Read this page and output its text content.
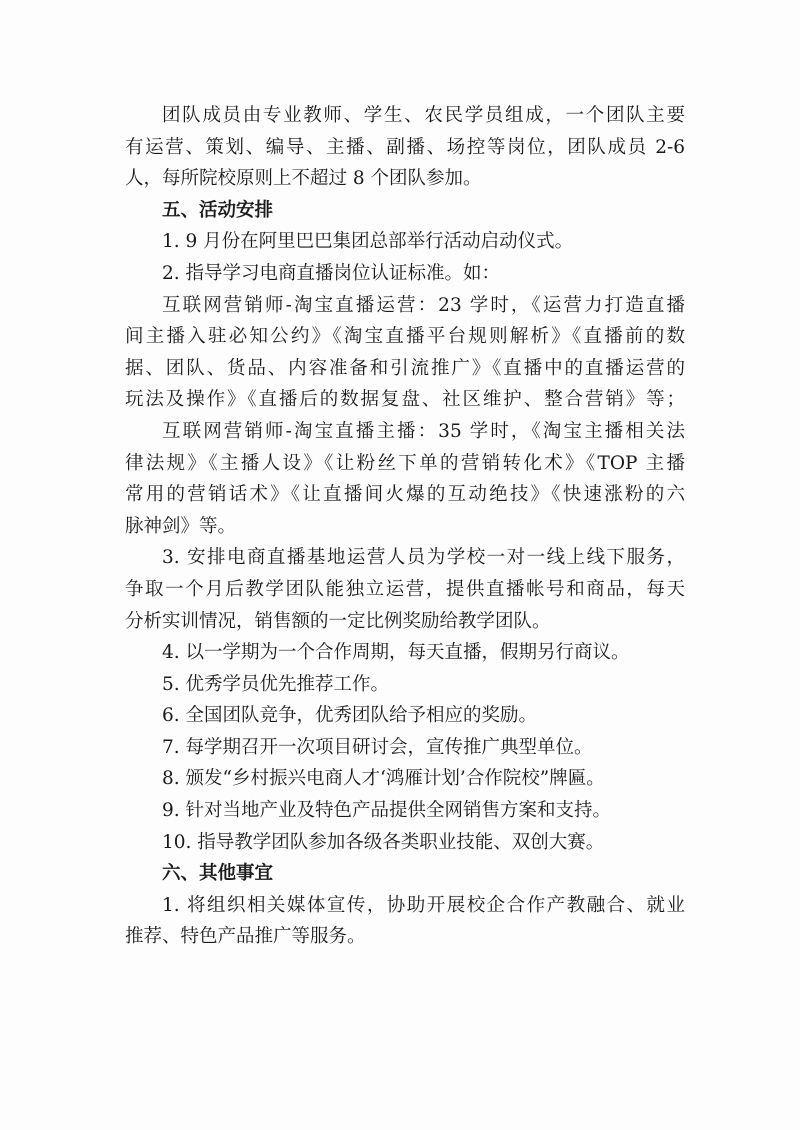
团队成员由专业教师、学生、农民学员组成，一个团队主要
有运营、策划、编导、主播、副播、场控等岗位，团队成员 2-6
人，每所院校原则上不超过 8 个团队参加。
五、活动安排
1. 9 月份在阿里巴巴集团总部举行活动启动仪式。
2. 指导学习电商直播岗位认证标准。如：
互联网营销师-淘宝直播运营：23 学时，《运营力打造直播
间主播入驻必知公约》《淘宝直播平台规则解析》《直播前的数
据、团队、货品、内容准备和引流推广》《直播中的直播运营的
玩法及操作》《直播后的数据复盘、社区维护、整合营销》等；
互联网营销师-淘宝直播主播：35 学时，《淘宝主播相关法
律法规》《主播人设》《让粉丝下单的营销转化术》《TOP 主播
常用的营销话术》《让直播间火爆的互动绝技》《快速涨粉的六
脉神剑》等。
3. 安排电商直播基地运营人员为学校一对一线上线下服务，
争取一个月后教学团队能独立运营，提供直播帐号和商品，每天
分析实训情况，销售额的一定比例奖励给教学团队。
4. 以一学期为一个合作周期，每天直播，假期另行商议。
5. 优秀学员优先推荐工作。
6. 全国团队竞争，优秀团队给予相应的奖励。
7. 每学期召开一次项目研讨会，宣传推广典型单位。
8. 颁发“乡村振兴电商人才‘鸿雁计划’合作院校”牌匾。
9. 针对当地产业及特色产品提供全网销售方案和支持。
10. 指导教学团队参加各级各类职业技能、双创大赛。
六、其他事宜
1. 将组织相关媒体宣传，协助开展校企合作产教融合、就业
推荐、特色产品推广等服务。
